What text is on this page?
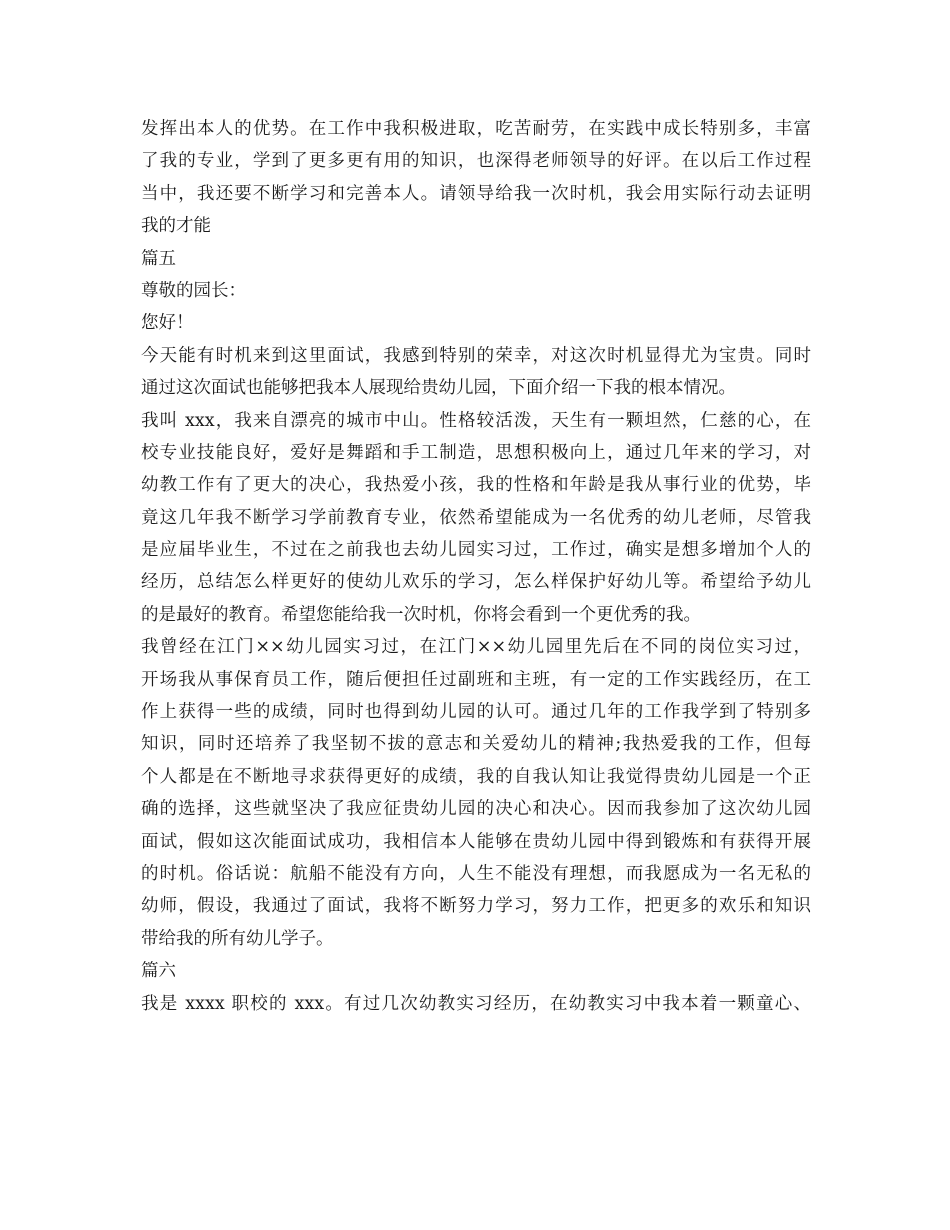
发挥出本人的优势。在工作中我积极进取，吃苦耐劳，在实践中成长特别多，丰富
了我的专业，学到了更多更有用的知识，也深得老师领导的好评。在以后工作过程
当中，我还要不断学习和完善本人。请领导给我一次时机，我会用实际行动去证明
我的才能
篇五
尊敬的园长：
您好！
今天能有时机来到这里面试，我感到特别的荣幸，对这次时机显得尤为宝贵。同时
通过这次面试也能够把我本人展现给贵幼儿园，下面介绍一下我的根本情况。
我叫 xxx，我来自漂亮的城市中山。性格较活泼，天生有一颗坦然，仁慈的心，在
校专业技能良好，爱好是舞蹈和手工制造，思想积极向上，通过几年来的学习，对
幼教工作有了更大的决心，我热爱小孩，我的性格和年龄是我从事行业的优势，毕
竟这几年我不断学习学前教育专业，依然希望能成为一名优秀的幼儿老师，尽管我
是应届毕业生，不过在之前我也去幼儿园实习过，工作过，确实是想多增加个人的
经历，总结怎么样更好的使幼儿欢乐的学习，怎么样保护好幼儿等。希望给予幼儿
的是最好的教育。希望您能给我一次时机，你将会看到一个更优秀的我。
我曾经在江门××幼儿园实习过，在江门××幼儿园里先后在不同的岗位实习过，
开场我从事保育员工作，随后便担任过副班和主班，有一定的工作实践经历，在工
作上获得一些的成绩，同时也得到幼儿园的认可。通过几年的工作我学到了特别多
知识，同时还培养了我坚韧不拔的意志和关爱幼儿的精神;我热爱我的工作，但每
个人都是在不断地寻求获得更好的成绩，我的自我认知让我觉得贵幼儿园是一个正
确的选择，这些就坚决了我应征贵幼儿园的决心和决心。因而我参加了这次幼儿园
面试，假如这次能面试成功，我相信本人能够在贵幼儿园中得到锻炼和有获得开展
的时机。俗话说：航船不能没有方向，人生不能没有理想，而我愿成为一名无私的
幼师，假设，我通过了面试，我将不断努力学习，努力工作，把更多的欢乐和知识
带给我的所有幼儿学子。
篇六
我是 xxxx 职校的 xxx。有过几次幼教实习经历，在幼教实习中我本着一颗童心、
